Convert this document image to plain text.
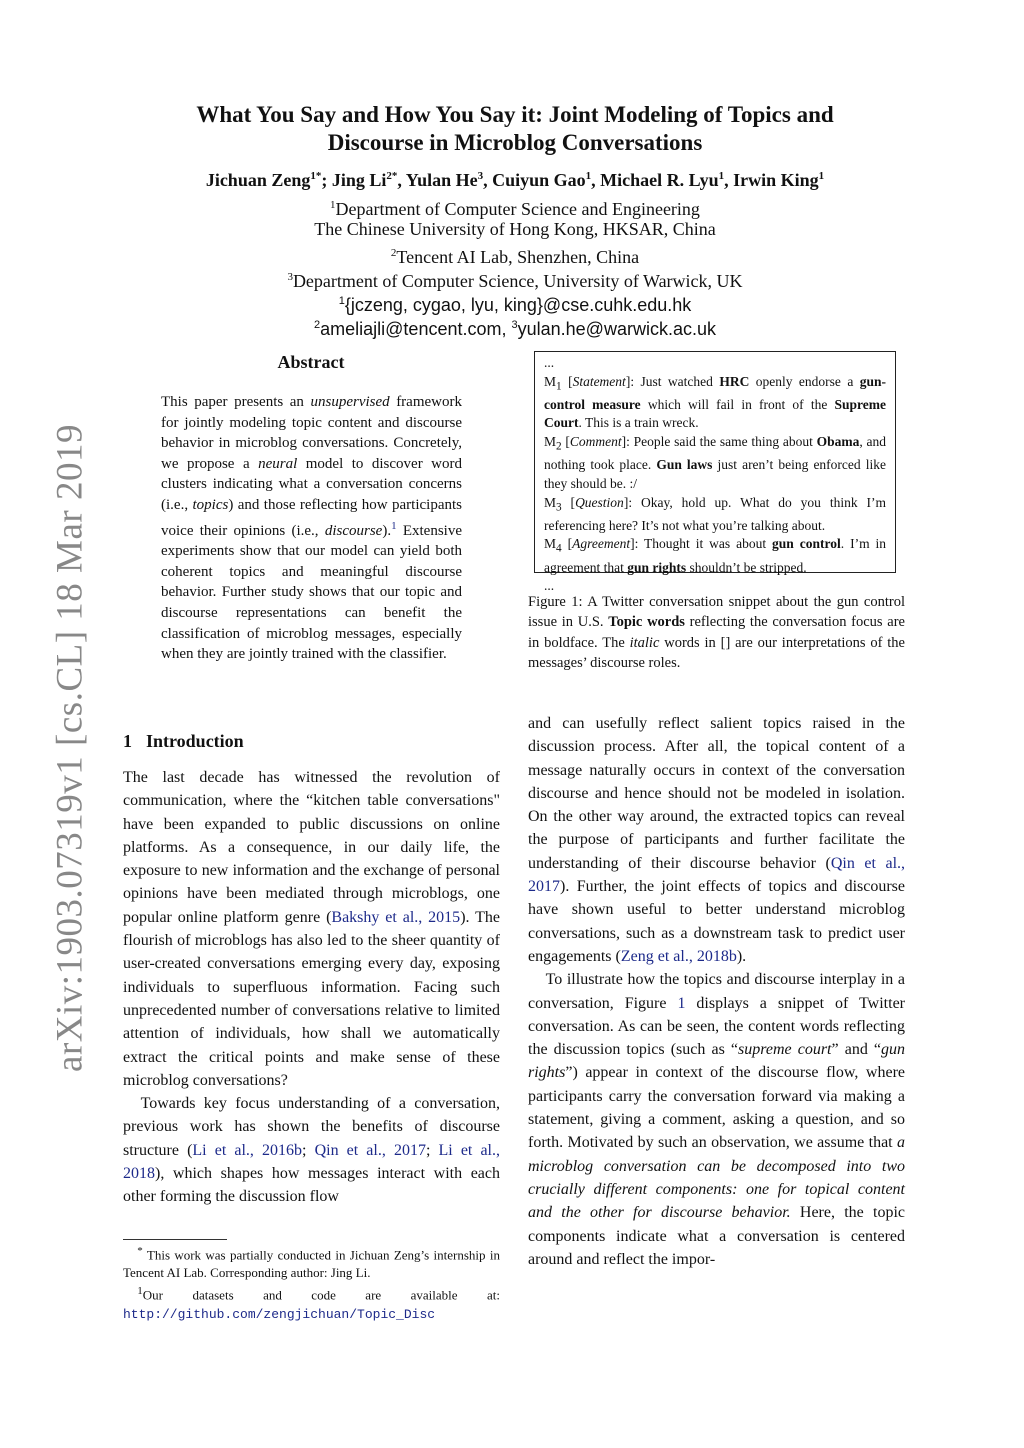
arXiv:1903.07319v1 [cs.CL] 18 Mar 2019
What You Say and How You Say it: Joint Modeling of Topics and
Discourse in Microblog Conversations
Jichuan Zeng$^{1*}$; Jing $Li^{2*}$, Yulan He$^3$, Cuiyun Gao$^1$, Michael R. Lyu$^1$, Irwin King$^1$
$^1$Department of Computer Science and Engineering
The Chinese University of Hong Kong, HKSAR, China
$^2$Tencent AI Lab, Shenzhen, China
$^3$Department of Computer Science, University of Warwick, UK
$^1${jczeng, cygao, lyu, king}@cse.cuhk.edu.hk
$^2$ameliajli@tencent.com, $^3$yulan.he@warwick.ac.uk
Abstract
This paper presents an unsupervised framework for jointly modeling topic content and discourse behavior in microblog conversations. Concretely, we propose a neural model to discover word clusters indicating what a conversation concerns (i.e., topics) and those reflecting how participants voice their opinions (i.e., discourse).$^1$ Extensive experiments show that our model can yield both coherent topics and meaningful discourse behavior. Further study shows that our topic and discourse representations can benefit the classification of microblog messages, especially when they are jointly trained with the classifier.
1 Introduction

The last decade has witnessed the revolution of communication, where the “kitchen table conversations" have been expanded to public discussions on online platforms. As a consequence, in our daily life, the exposure to new information and the exchange of personal opinions have been mediated through microblogs, one popular online platform genre (Bakshy et al., 2015). The flourish of microblogs has also led to the sheer quantity of user-created conversations emerging every day, exposing individuals to superfluous information. Facing such unprecedented number of conversations relative to limited attention of individuals, how shall we automatically extract the critical points and make sense of these microblog conversations?

Towards key focus understanding of a conversation, previous work has shown the benefits of discourse structure (Li et al., 2016b; Qin et al., 2017; Li et al., 2018), which shapes how messages interact with each other forming the discussion flow

* This work was partially conducted in Jichuan Zeng’s internship in Tencent AI Lab. Corresponding author: Jing Li.

$^1$Our datasets and code are available at: http://github.com/zengjichuan/Topic_Disc

...

$M_1$ [Statement]: Just watched HRC openly endorse a gun-control measure which will fail in front of the Supreme Court. This is a train wreck.

$M_2$ [Comment]: People said the same thing about Obama, and nothing took place. Gun laws just aren’t being enforced like they should be. :/

$M_3$ [Question]: Okay, hold up. What do you think I’m referencing here? It’s not what you’re talking about.

$M_4$ [Agreement]: Thought it was about gun control. I’m in agreement that gun rights shouldn’t be stripped.

...

Figure 1: A Twitter conversation snippet about the gun control issue in U.S. Topic words reflecting the conversation focus are in boldface. The italic words in [] are our interpretations of the messages’ discourse roles.

and can usefully reflect salient topics raised in the discussion process. After all, the topical content of a message naturally occurs in context of the conversation discourse and hence should not be modeled in isolation. On the other way around, the extracted topics can reveal the purpose of participants and further facilitate the understanding of their discourse behavior (Qin et al., 2017). Further, the joint effects of topics and discourse have shown useful to better understand microblog conversations, such as a downstream task to predict user engagements (Zeng et al., 2018b).

To illustrate how the topics and discourse interplay in a conversation, Figure 1 displays a snippet of Twitter conversation. As can be seen, the content words reflecting the discussion topics (such as “supreme court” and “gun rights”) appear in context of the discourse flow, where participants carry the conversation forward via making a statement, giving a comment, asking a question, and so forth. Motivated by such an observation, we assume that a microblog conversation can be decomposed into two crucially different components: one for topical content and the other for discourse behavior. Here, the topic components indicate what a conversation is centered around and reflect the impor-
